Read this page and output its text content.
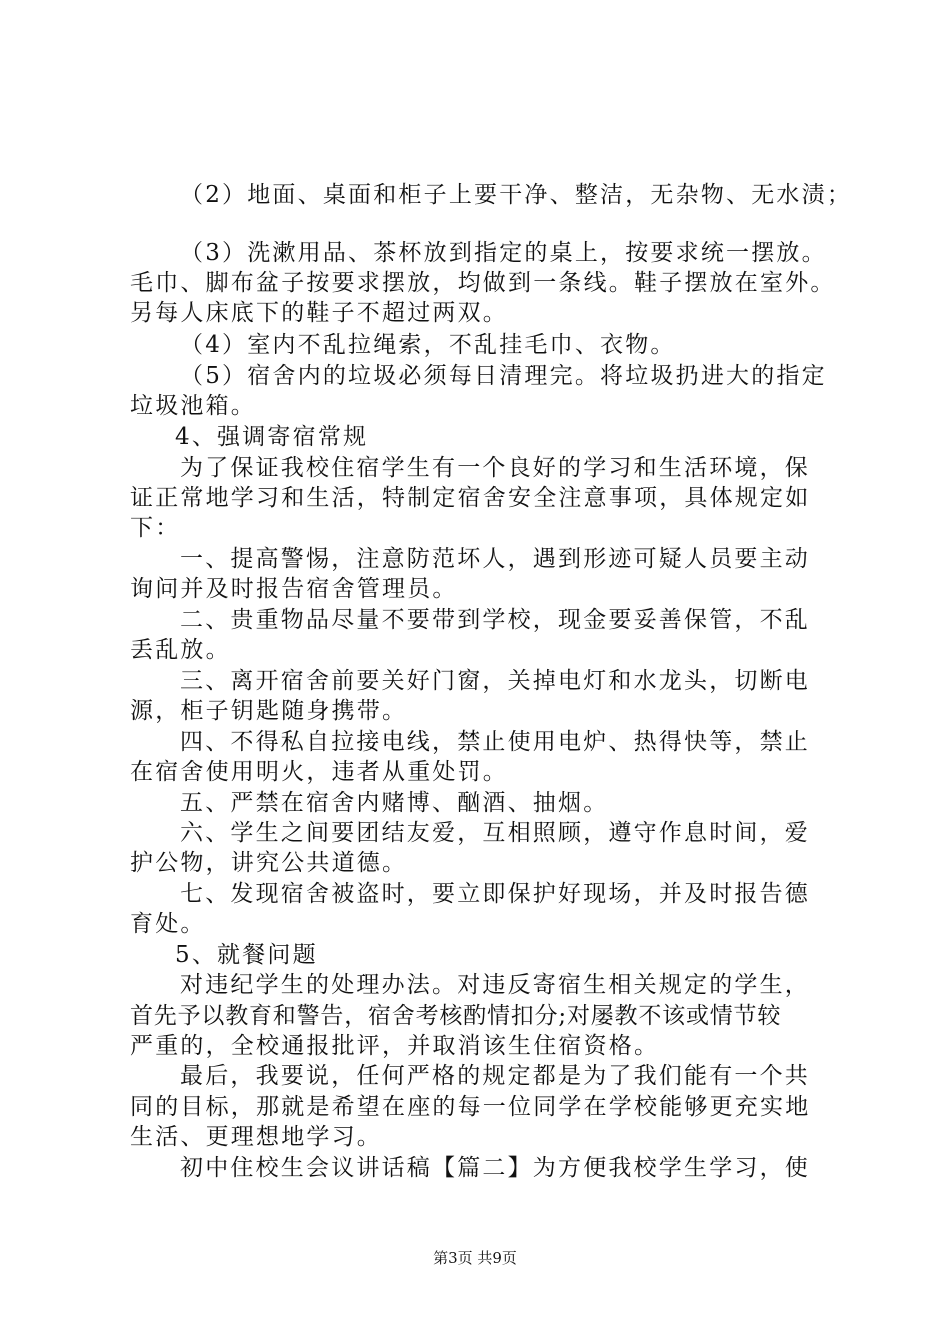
（2）地面、桌面和柜子上要干净、整洁，无杂物、无水渍；
（3）洗漱用品、茶杯放到指定的桌上，按要求统一摆放。
毛巾、脚布盆子按要求摆放，均做到一条线。鞋子摆放在室外。
另每人床底下的鞋子不超过两双。
（4）室内不乱拉绳索，不乱挂毛巾、衣物。
（5）宿舍内的垃圾必须每日清理完。将垃圾扔进大的指定
垃圾池箱。
4、强调寄宿常规
为了保证我校住宿学生有一个良好的学习和生活环境，保
证正常地学习和生活，特制定宿舍安全注意事项，具体规定如
下：
一、提高警惕，注意防范坏人，遇到形迹可疑人员要主动
询问并及时报告宿舍管理员。
二、贵重物品尽量不要带到学校，现金要妥善保管，不乱
丢乱放。
三、离开宿舍前要关好门窗，关掉电灯和水龙头，切断电
源，柜子钥匙随身携带。
四、不得私自拉接电线，禁止使用电炉、热得快等，禁止
在宿舍使用明火，违者从重处罚。
五、严禁在宿舍内赌博、酗酒、抽烟。
六、学生之间要团结友爱，互相照顾，遵守作息时间，爱
护公物，讲究公共道德。
七、发现宿舍被盗时，要立即保护好现场，并及时报告德
育处。
5、就餐问题
对违纪学生的处理办法。对违反寄宿生相关规定的学生，
首先予以教育和警告，宿舍考核酌情扣分;对屡教不该或情节较
严重的，全校通报批评，并取消该生住宿资格。
最后，我要说，任何严格的规定都是为了我们能有一个共
同的目标，那就是希望在座的每一位同学在学校能够更充实地
生活、更理想地学习。
初中住校生会议讲话稿【篇二】为方便我校学生学习，使
第3页 共9页
